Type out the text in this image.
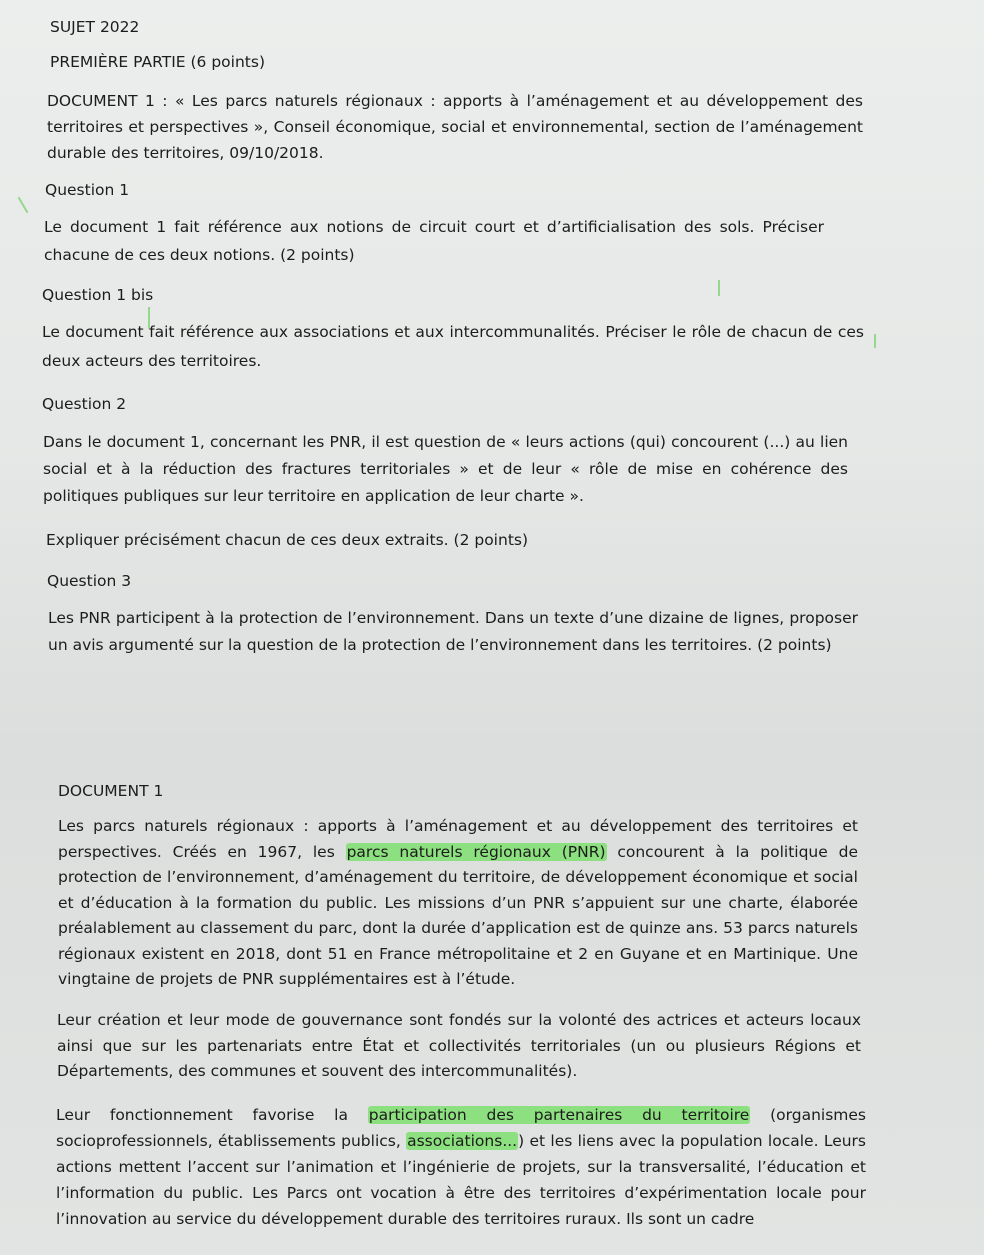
SUJET 2022
PREMIÈRE PARTIE (6 points)
DOCUMENT 1 : « Les parcs naturels régionaux : apports à l’aménagement et au développement des territoires et perspectives », Conseil économique, social et environnemental, section de l’aménagement durable des territoires, 09/10/2018.
Question 1
Le document 1 fait référence aux notions de circuit court et d’artificialisation des sols. Préciser chacune de ces deux notions. (2 points)
Question 1 bis
Le document fait référence aux associations et aux intercommunalités. Préciser le rôle de chacun de ces deux acteurs des territoires.
Question 2
Dans le document 1, concernant les PNR, il est question de « leurs actions (qui) concourent (...) au lien social et à la réduction des fractures territoriales » et de leur « rôle de mise en cohérence des politiques publiques sur leur territoire en application de leur charte ».
Expliquer précisément chacun de ces deux extraits. (2 points)
Question 3
Les PNR participent à la protection de l’environnement. Dans un texte d’une dizaine de lignes, proposer un avis argumenté sur la question de la protection de l’environnement dans les territoires. (2 points)
DOCUMENT 1
Les parcs naturels régionaux : apports à l’aménagement et au développement des territoires et perspectives. Créés en 1967, les parcs naturels régionaux (PNR) concourent à la politique de protection de l’environnement, d’aménagement du territoire, de développement économique et social et d’éducation à la formation du public. Les missions d’un PNR s’appuient sur une charte, élaborée préalablement au classement du parc, dont la durée d’application est de quinze ans. 53 parcs naturels régionaux existent en 2018, dont 51 en France métropolitaine et 2 en Guyane et en Martinique. Une vingtaine de projets de PNR supplémentaires est à l’étude.
Leur création et leur mode de gouvernance sont fondés sur la volonté des actrices et acteurs locaux ainsi que sur les partenariats entre État et collectivités territoriales (un ou plusieurs Régions et Départements, des communes et souvent des intercommunalités).
Leur fonctionnement favorise la participation des partenaires du territoire (organismes socioprofessionnels, établissements publics, associations...) et les liens avec la population locale. Leurs actions mettent l’accent sur l’animation et l’ingénierie de projets, sur la transversalité, l’éducation et l’information du public. Les Parcs ont vocation à être des territoires d’expérimentation locale pour l’innovation au service du développement durable des territoires ruraux. Ils sont un cadre
